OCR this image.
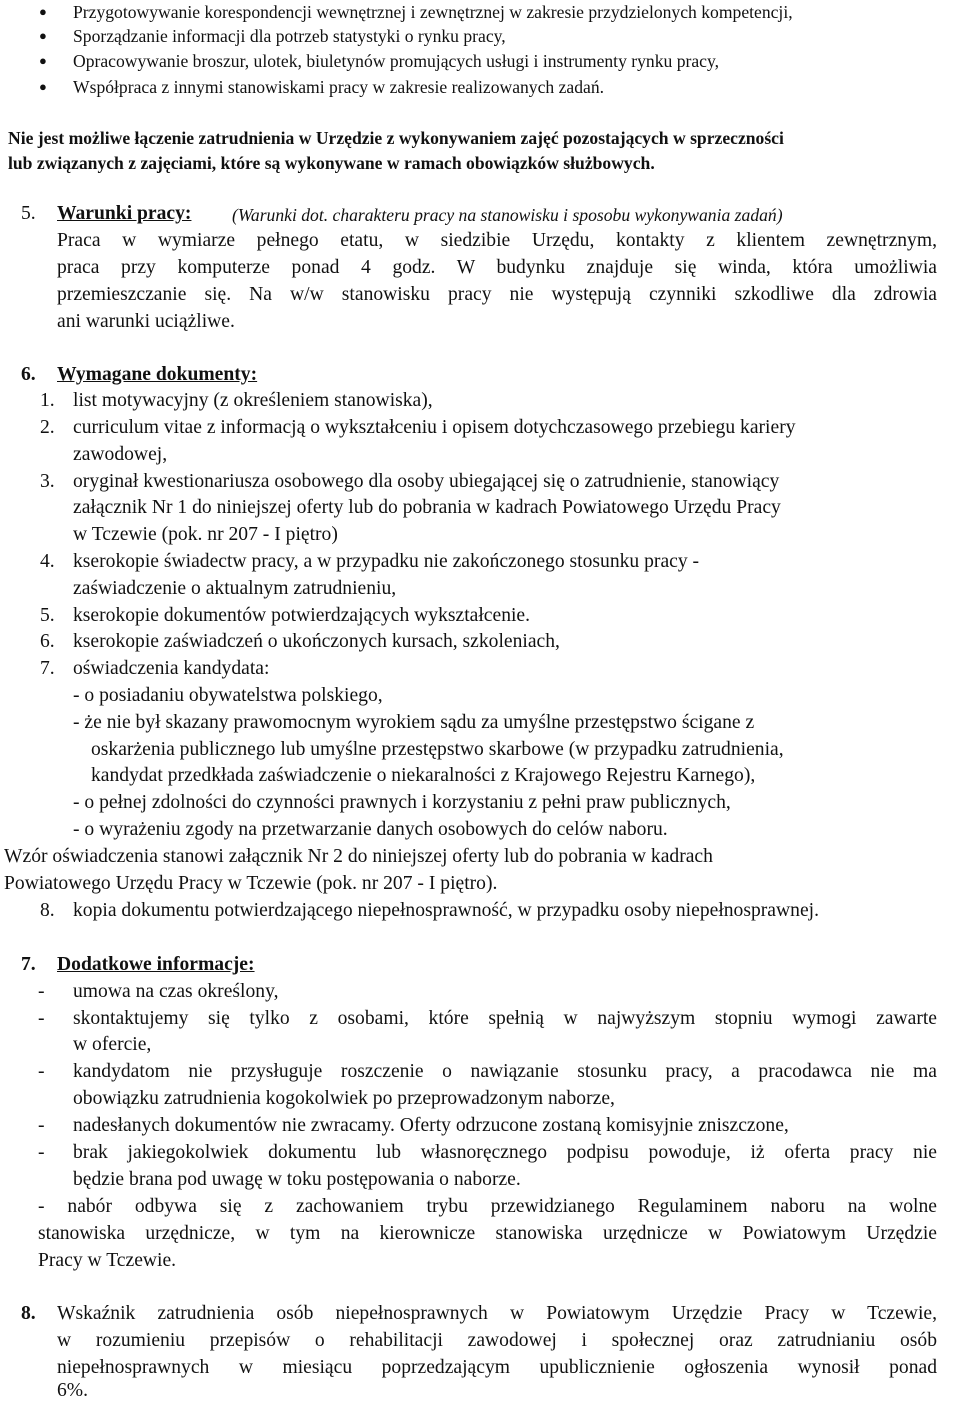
● Przygotowywanie korespondencji wewnętrznej i zewnętrznej w zakresie przydzielonych kompetencji,
● Sporządzanie informacji dla potrzeb statystyki o rynku pracy,
● Opracowywanie broszur, ulotek, biuletynów promujących usługi i instrumenty rynku pracy,
● Współpraca z innymi stanowiskami pracy w zakresie realizowanych zadań.
Nie jest możliwe łączenie zatrudnienia w Urzędzie z wykonywaniem zajęć pozostających w sprzeczności
lub związanych z zajęciami, które są wykonywane w ramach obowiązków służbowych.
5. Warunki pracy: (Warunki dot. charakteru pracy na stanowisku i sposobu wykonywania zadań)
Praca w wymiarze pełnego etatu, w siedzibie Urzędu, kontakty z klientem zewnętrznym,
praca przy komputerze ponad 4 godz. W budynku znajduje się winda, która umożliwia
przemieszczanie się. Na w/w stanowisku pracy nie występują czynniki szkodliwe dla zdrowia
ani warunki uciążliwe.
6. Wymagane dokumenty:
1. list motywacyjny (z określeniem stanowiska),
2. curriculum vitae z informacją o wykształceniu i opisem dotychczasowego przebiegu kariery
zawodowej,
3. oryginał kwestionariusza osobowego dla osoby ubiegającej się o zatrudnienie, stanowiący
załącznik Nr 1 do niniejszej oferty lub do pobrania w kadrach Powiatowego Urzędu Pracy
w Tczewie (pok. nr 207 - I piętro)
4. kserokopie świadectw pracy, a w przypadku nie zakończonego stosunku pracy -
zaświadczenie o aktualnym zatrudnieniu,
5. kserokopie dokumentów potwierdzających wykształcenie.
6. kserokopie zaświadczeń o ukończonych kursach, szkoleniach,
7. oświadczenia kandydata:
- o posiadaniu obywatelstwa polskiego,
- że nie był skazany prawomocnym wyrokiem sądu za umyślne przestępstwo ścigane z
oskarżenia publicznego lub umyślne przestępstwo skarbowe (w przypadku zatrudnienia,
kandydat przedkłada zaświadczenie o niekaralności z Krajowego Rejestru Karnego),
- o pełnej zdolności do czynności prawnych i korzystaniu z pełni praw publicznych,
- o wyrażeniu zgody na przetwarzanie danych osobowych do celów naboru.
Wzór oświadczenia stanowi załącznik Nr 2 do niniejszej oferty lub do pobrania w kadrach
Powiatowego Urzędu Pracy w Tczewie (pok. nr 207 - I piętro).
8. kopia dokumentu potwierdzającego niepełnosprawność, w przypadku osoby niepełnosprawnej.
7. Dodatkowe informacje:
- umowa na czas określony,
- skontaktujemy się tylko z osobami, które spełnią w najwyższym stopniu wymogi zawarte
w ofercie,
- kandydatom nie przysługuje roszczenie o nawiązanie stosunku pracy, a pracodawca nie ma
obowiązku zatrudnienia kogokolwiek po przeprowadzonym naborze,
- nadesłanych dokumentów nie zwracamy. Oferty odrzucone zostaną komisyjnie zniszczone,
- brak jakiegokolwiek dokumentu lub własnoręcznego podpisu powoduje, iż oferta pracy nie
będzie brana pod uwagę w toku postępowania o naborze.
- nabór odbywa się z zachowaniem trybu przewidzianego Regulaminem naboru na wolne
stanowiska urzędnicze, w tym na kierownicze stanowiska urzędnicze w Powiatowym Urzędzie
Pracy w Tczewie.
8. Wskaźnik zatrudnienia osób niepełnosprawnych w Powiatowym Urzędzie Pracy w Tczewie,
w rozumieniu przepisów o rehabilitacji zawodowej i społecznej oraz zatrudnianiu osób
niepełnosprawnych w miesiącu poprzedzającym upublicznienie ogłoszenia wynosił ponad
6%.
